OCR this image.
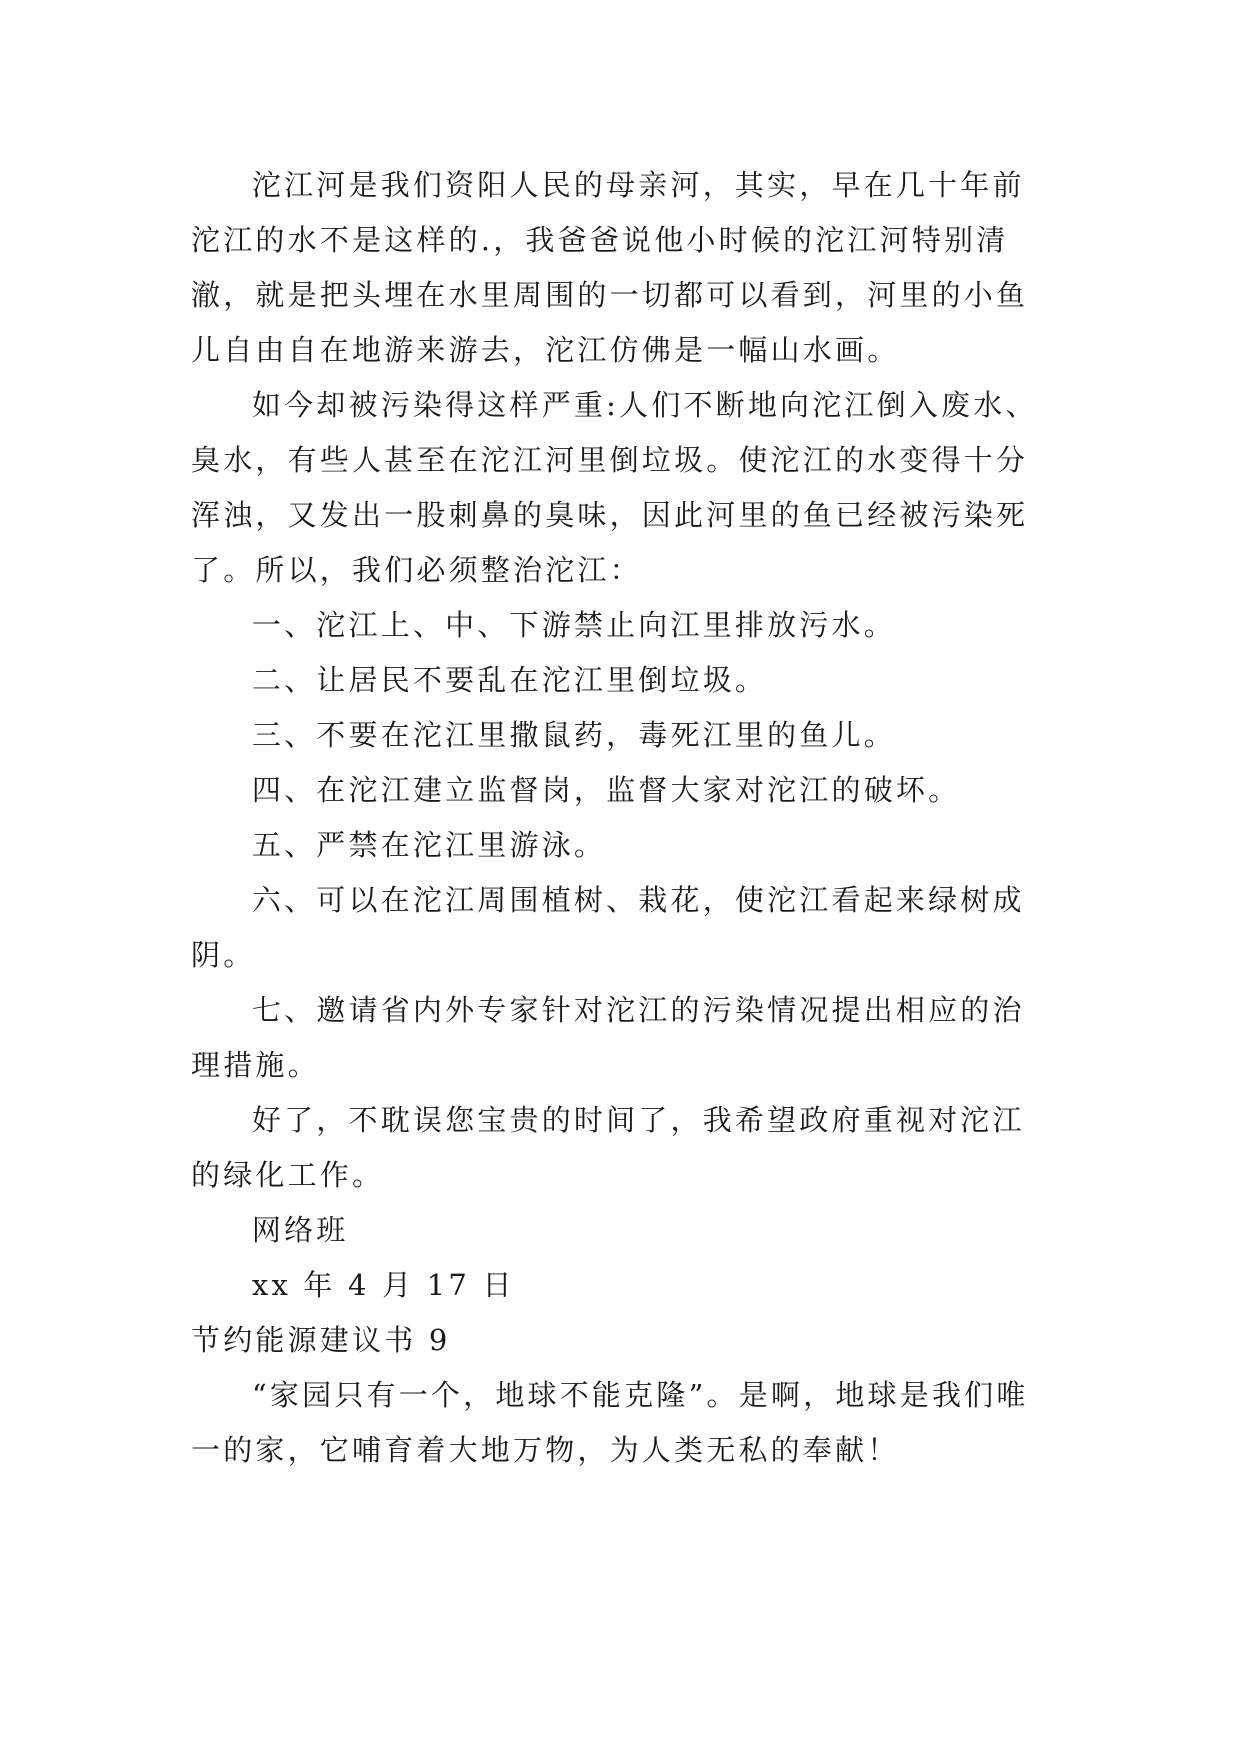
沱江河是我们资阳人民的母亲河，其实，早在几十年前沱江的水不是这样的.，我爸爸说他小时候的沱江河特别清澈，就是把头埋在水里周围的一切都可以看到，河里的小鱼儿自由自在地游来游去，沱江仿佛是一幅山水画。

如今却被污染得这样严重:人们不断地向沱江倒入废水、臭水，有些人甚至在沱江河里倒垃圾。使沱江的水变得十分浑浊，又发出一股刺鼻的臭味，因此河里的鱼已经被污染死了。所以，我们必须整治沱江：

一、沱江上、中、下游禁止向江里排放污水。

二、让居民不要乱在沱江里倒垃圾。

三、不要在沱江里撒鼠药，毒死江里的鱼儿。

四、在沱江建立监督岗，监督大家对沱江的破坏。

五、严禁在沱江里游泳。

六、可以在沱江周围植树、栽花，使沱江看起来绿树成阴。

七、邀请省内外专家针对沱江的污染情况提出相应的治理措施。

好了，不耽误您宝贵的时间了，我希望政府重视对沱江的绿化工作。

网络班

xx 年 4 月 17 日

节约能源建议书 9

“家园只有一个，地球不能克隆”。是啊，地球是我们唯一的家，它哺育着大地万物，为人类无私的奉献！
